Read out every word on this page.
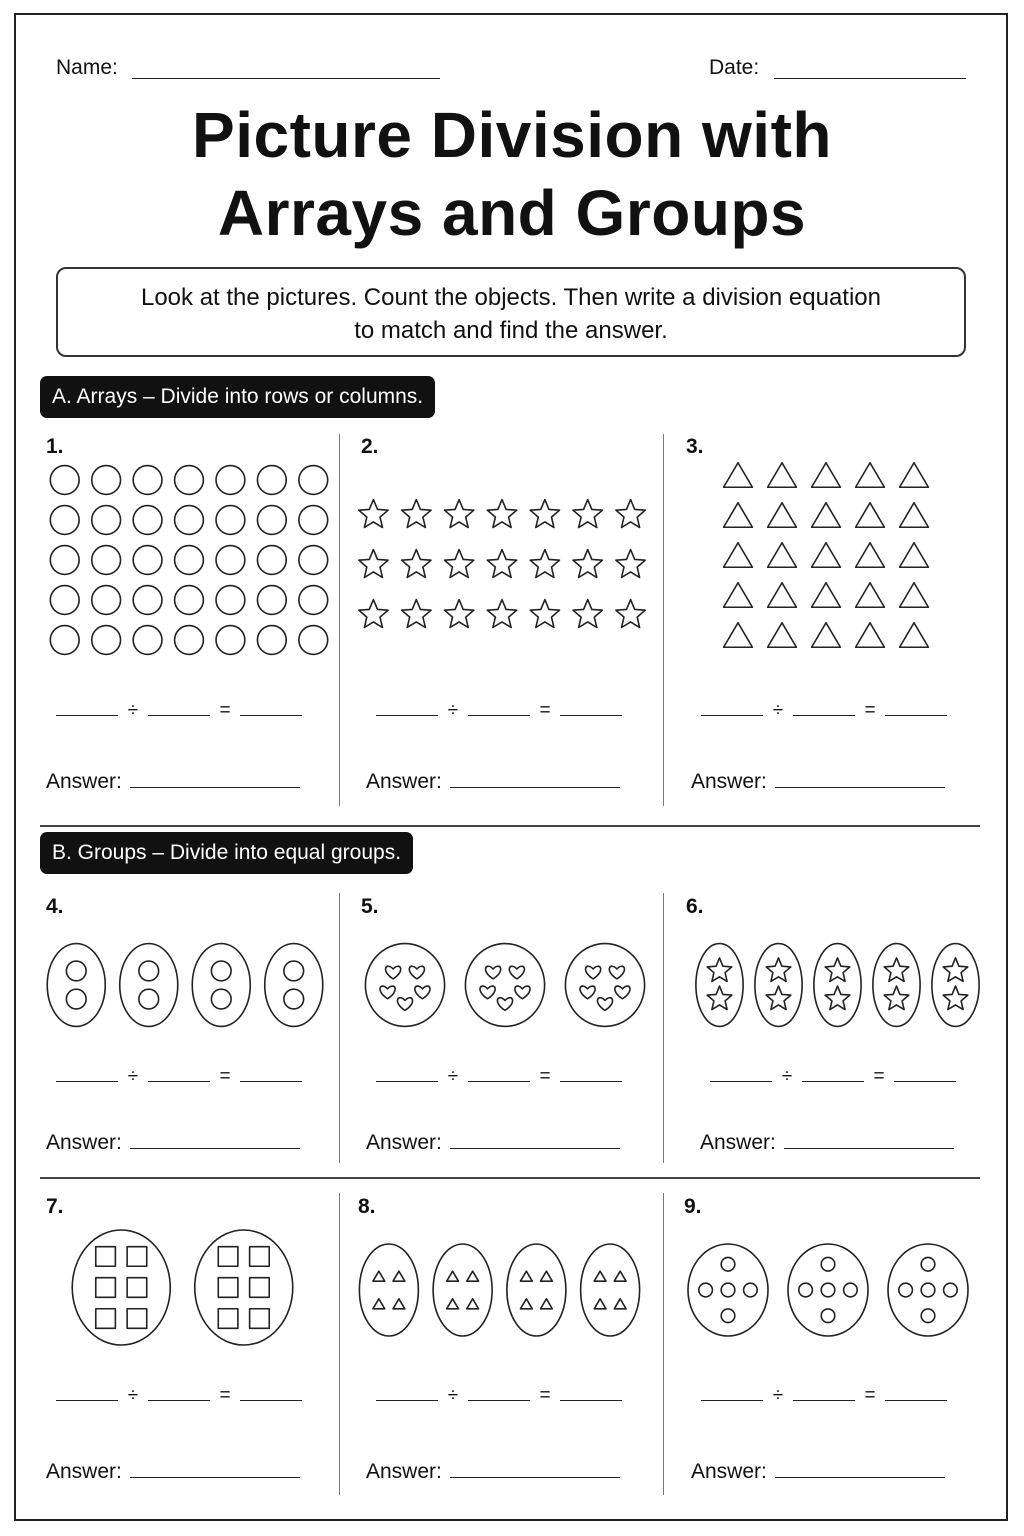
Name:	Date:
Picture Division with
Arrays and Groups
Look at the pictures. Count the objects. Then write a division equation
to match and find the answer.
A. Arrays – Divide into rows or columns.
B. Groups – Divide into equal groups.
1.
÷	=
Answer:
2.
÷	=
Answer:
3.
÷	=
Answer:
4.
÷	=
Answer:
5.
÷	=
Answer:
6.
÷	=
Answer:
7.
÷	=
Answer:
8.
÷	=
Answer:
9.
÷	=
Answer:
